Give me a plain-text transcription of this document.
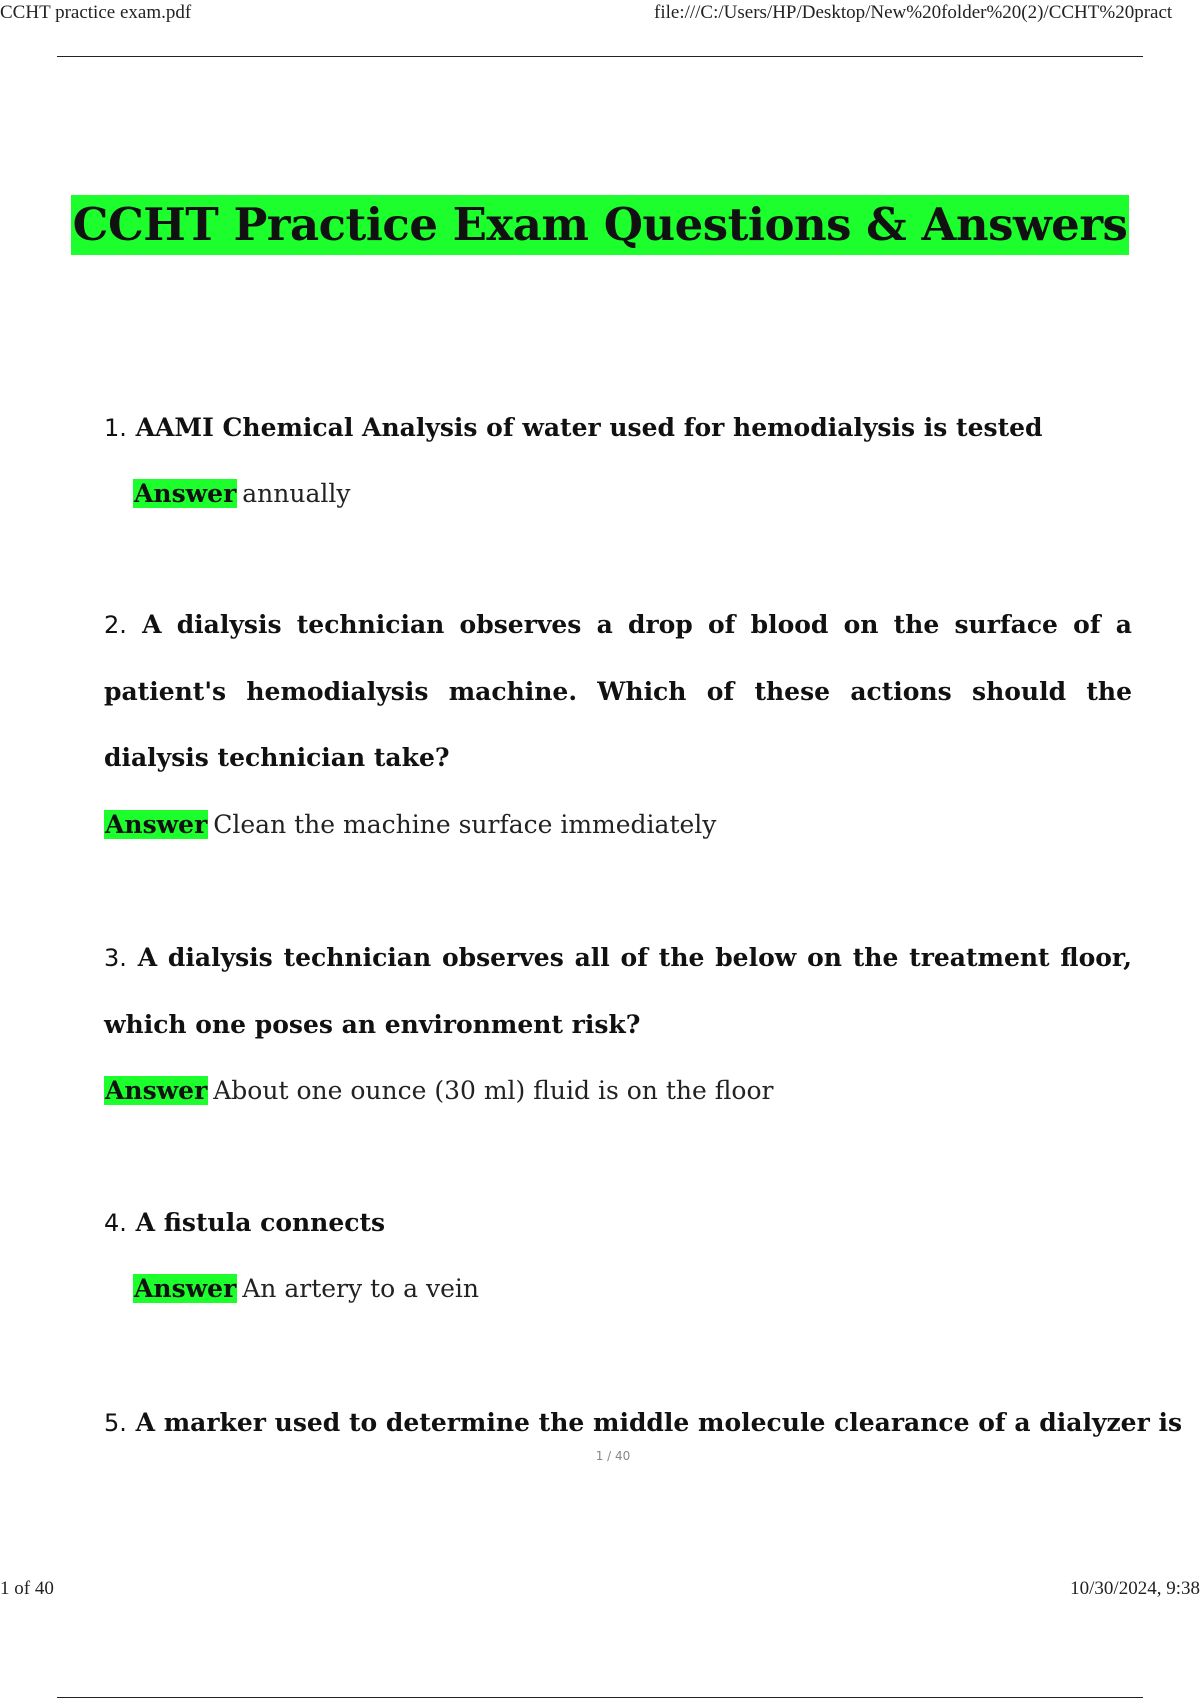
CCHT practice exam.pdf	file:///C:/Users/HP/Desktop/New%20folder%20(2)/CCHT%20pract
CCHT Practice Exam Questions & Answers
1. AAMI Chemical Analysis of water used for hemodialysis is tested
Answer annually
2. A dialysis technician observes a drop of blood on the surface of a patient's hemodialysis machine. Which of these actions should the dialysis technician take?
Answer Clean the machine surface immediately
3. A dialysis technician observes all of the below on the treatment floor, which one poses an environment risk?
Answer About one ounce (30 ml) fluid is on the floor
4. A fistula connects
Answer An artery to a vein
5. A marker used to determine the middle molecule clearance of a dialyzer is
1 / 40
1 of 40	10/30/2024, 9:38
